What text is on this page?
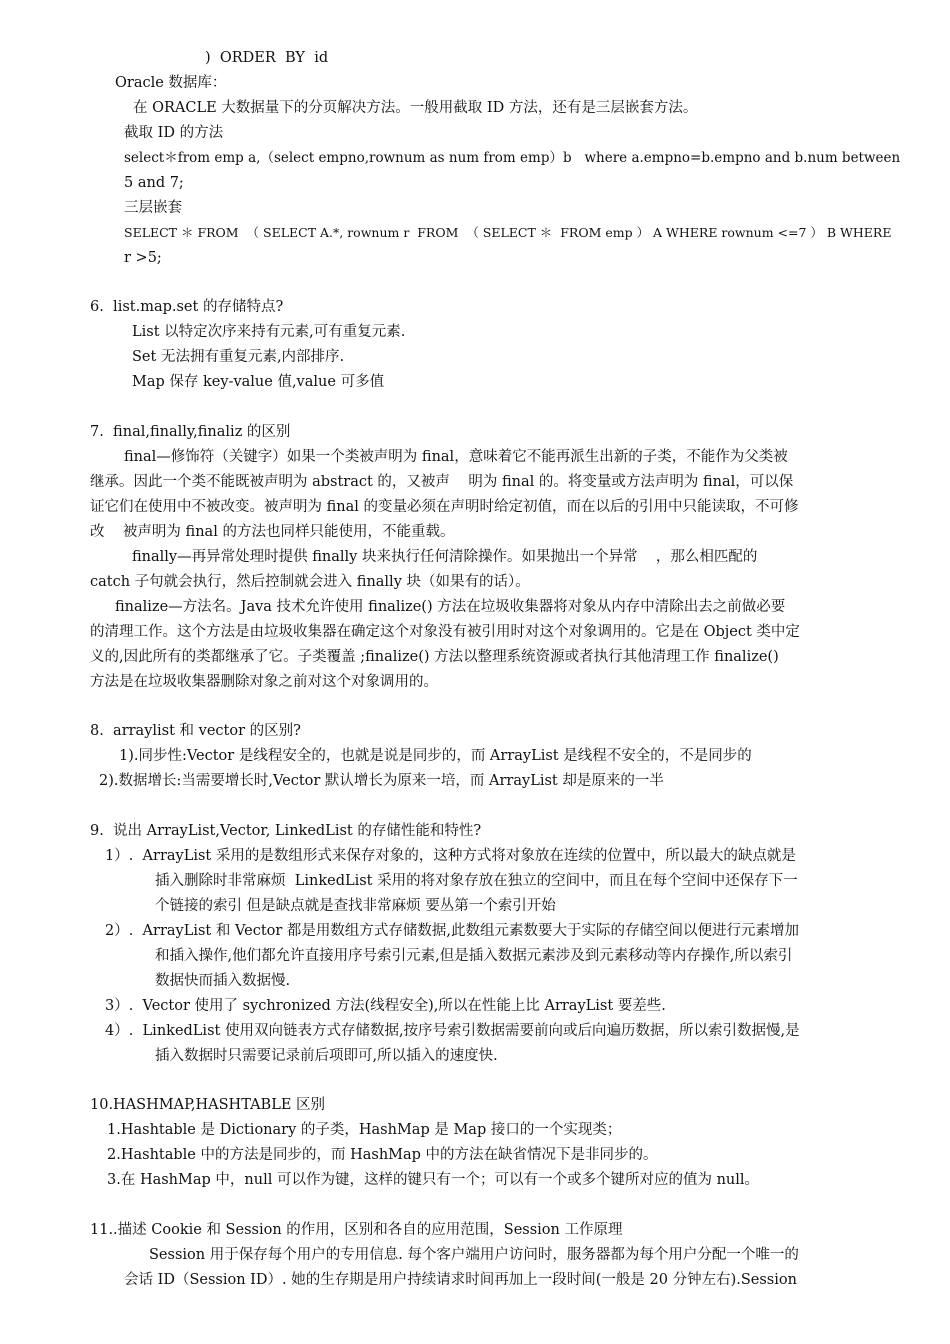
)  ORDER  BY  id
Oracle 数据库：
在 ORACLE 大数据量下的分页解决方法。一般用截取 ID 方法，还有是三层嵌套方法。
截取 ID 的方法
select＊from emp a,（select empno,rownum as num from emp）b   where a.empno=b.empno and b.num between
5 and 7;
三层嵌套
SELECT ＊ FROM  （ SELECT A.*, rownum r  FROM  （ SELECT ＊  FROM emp ） A WHERE rownum <=7 ） B WHERE
r >5;
6.  list.map.set 的存储特点?
List 以特定次序来持有元素,可有重复元素.
Set 无法拥有重复元素,内部排序.
Map 保存 key-value 值,value 可多值
7.  final,finally,finaliz 的区别
final—修饰符（关键字）如果一个类被声明为 final，意味着它不能再派生出新的子类，不能作为父类被
继承。因此一个类不能既被声明为 abstract 的，又被声    明为 final 的。将变量或方法声明为 final，可以保
证它们在使用中不被改变。被声明为 final 的变量必须在声明时给定初值，而在以后的引用中只能读取，不可修
改    被声明为 final 的方法也同样只能使用，不能重载。
finally—再异常处理时提供 finally 块来执行任何清除操作。如果抛出一个异常    ，那么相匹配的
catch 子句就会执行，然后控制就会进入 finally 块（如果有的话）。
finalize—方法名。Java 技术允许使用 finalize() 方法在垃圾收集器将对象从内存中清除出去之前做必要
的清理工作。这个方法是由垃圾收集器在确定这个对象没有被引用时对这个对象调用的。它是在 Object 类中定
义的,因此所有的类都继承了它。子类覆盖 ;finalize() 方法以整理系统资源或者执行其他清理工作 finalize()
方法是在垃圾收集器删除对象之前对这个对象调用的。
8.  arraylist 和 vector 的区别?
1).同步性:Vector 是线程安全的，也就是说是同步的，而 ArrayList 是线程不安全的，不是同步的
2).数据增长:当需要增长时,Vector 默认增长为原来一培，而 ArrayList 却是原来的一半
9.  说出 ArrayList,Vector, LinkedList 的存储性能和特性?
1）.  ArrayList 采用的是数组形式来保存对象的，这种方式将对象放在连续的位置中，所以最大的缺点就是
插入删除时非常麻烦  LinkedList 采用的将对象存放在独立的空间中，而且在每个空间中还保存下一
个链接的索引 但是缺点就是查找非常麻烦 要丛第一个索引开始
2）.  ArrayList 和 Vector 都是用数组方式存储数据,此数组元素数要大于实际的存储空间以便进行元素增加
和插入操作,他们都允许直接用序号索引元素,但是插入数据元素涉及到元素移动等内存操作,所以索引
数据快而插入数据慢.
3）.  Vector 使用了 sychronized 方法(线程安全),所以在性能上比 ArrayList 要差些.
4）.  LinkedList 使用双向链表方式存储数据,按序号索引数据需要前向或后向遍历数据，所以索引数据慢,是
插入数据时只需要记录前后项即可,所以插入的速度快.
10.HASHMAP,HASHTABLE 区别
1.Hashtable 是 Dictionary 的子类，HashMap 是 Map 接口的一个实现类；
2.Hashtable 中的方法是同步的，而 HashMap 中的方法在缺省情况下是非同步的。
3.在 HashMap 中，null 可以作为键，这样的键只有一个；可以有一个或多个键所对应的值为 null。
11..描述 Cookie 和 Session 的作用，区别和各自的应用范围，Session 工作原理
Session 用于保存每个用户的专用信息. 每个客户端用户访问时，服务器都为每个用户分配一个唯一的
会话 ID（Session ID）. 她的生存期是用户持续请求时间再加上一段时间(一般是 20 分钟左右).Session
